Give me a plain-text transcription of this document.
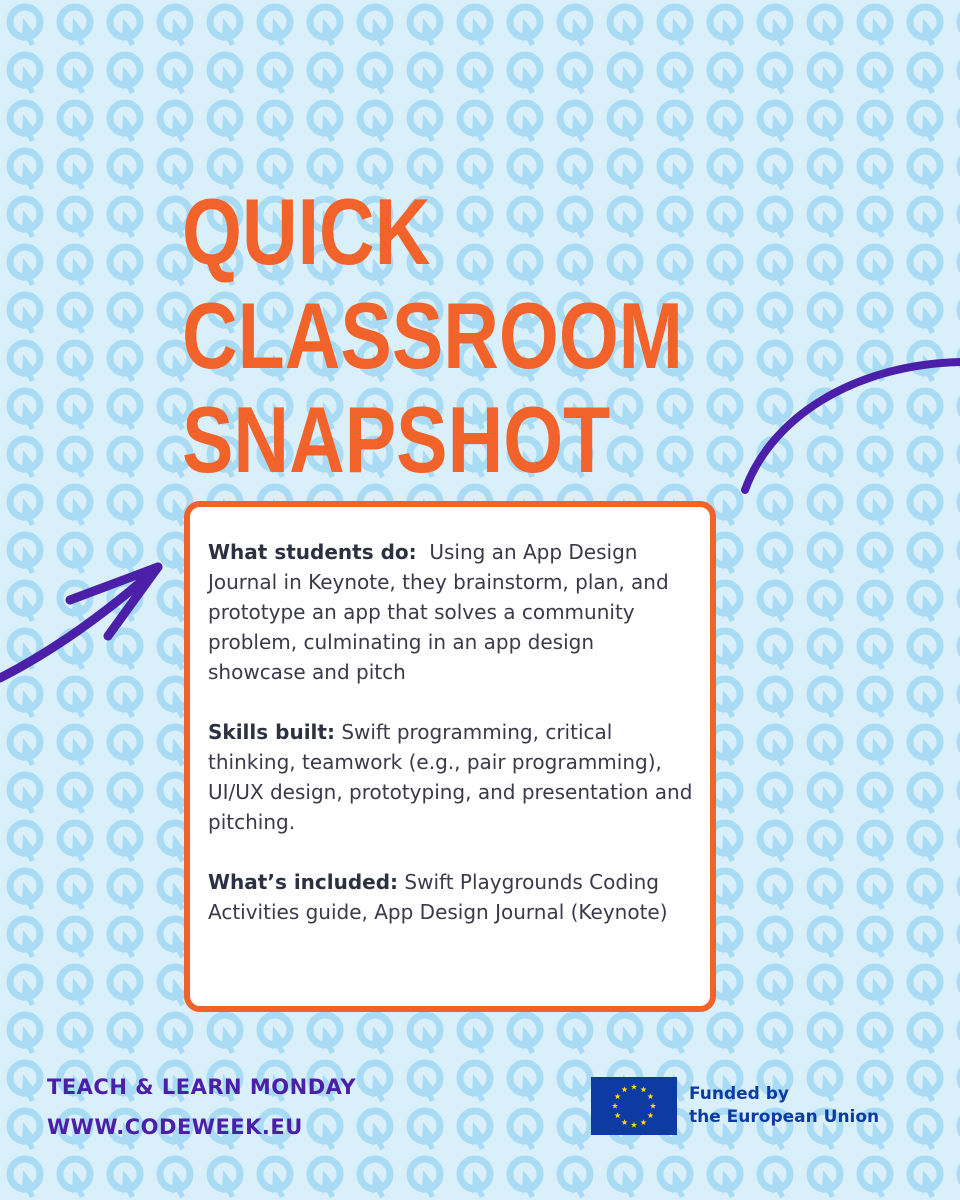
QUICK
CLASSROOM
SNAPSHOT

What students do:  Using an App Design Journal in Keynote, they brainstorm, plan, and prototype an app that solves a community problem, culminating in an app design showcase and pitch

Skills built: Swift programming, critical thinking, teamwork (e.g., pair programming), UI/UX design, prototyping, and presentation and pitching.

What’s included: Swift Playgrounds Coding Activities guide, App Design Journal (Keynote)

TEACH & LEARN MONDAY
WWW.CODEWEEK.EU
Funded by
the European Union
